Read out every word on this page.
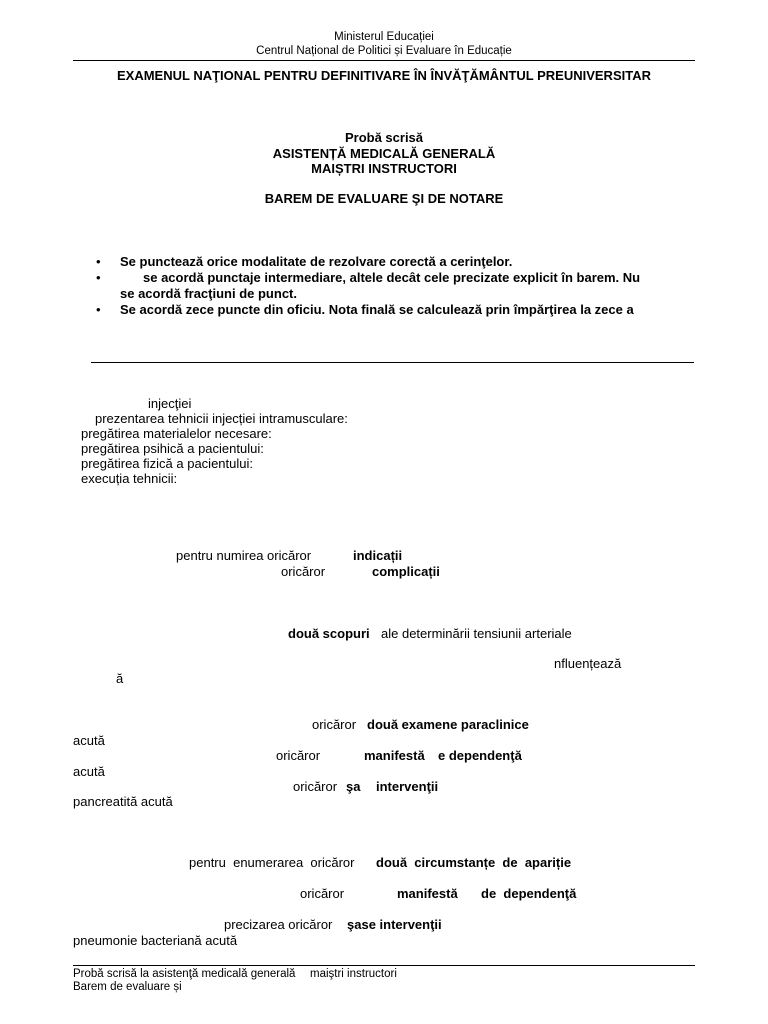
Ministerul Educației
Centrul Național de Politici și Evaluare în Educație
EXAMENUL NAŢIONAL PENTRU DEFINITIVARE ÎN ÎNVĂŢĂMÂNTUL PREUNIVERSITAR
Probă scrisă
ASISTENȚĂ MEDICALĂ GENERALĂ
MAIȘTRI INSTRUCTORI
BAREM DE EVALUARE ŞI DE NOTARE
• Se punctează orice modalitate de rezolvare corectă a cerinţelor.
•	se acordă punctaje intermediare, altele decât cele precizate explicit în barem. Nu
se acordă fracţiuni de punct.
• Se acordă zece puncte din oficiu. Nota finală se calculează prin împărţirea la zece a
injecţiei
prezentarea tehnicii injecției intramusculare:
pregătirea materialelor necesare:
pregătirea psihică a pacientului:
pregătirea fizică a pacientului:
execuția tehnicii:
pentru numirea oricăror	indicații
oricăror	complicații
două scopuri ale determinării tensiunii arteriale
nfluențează
ă
oricăror două examene paraclinice
acută
oricăror	manifestă e dependenţă
acută
oricăror şa intervenţii
pancreatită acută
pentru  enumerarea  oricăror două  circumstanțe  de  apariție
oricăror	manifestă de  dependenţă
precizarea oricăror şase intervenţii
pneumonie bacteriană acută
Probă scrisă la asistenţă medicală generală maiştri instructori
Barem de evaluare și
